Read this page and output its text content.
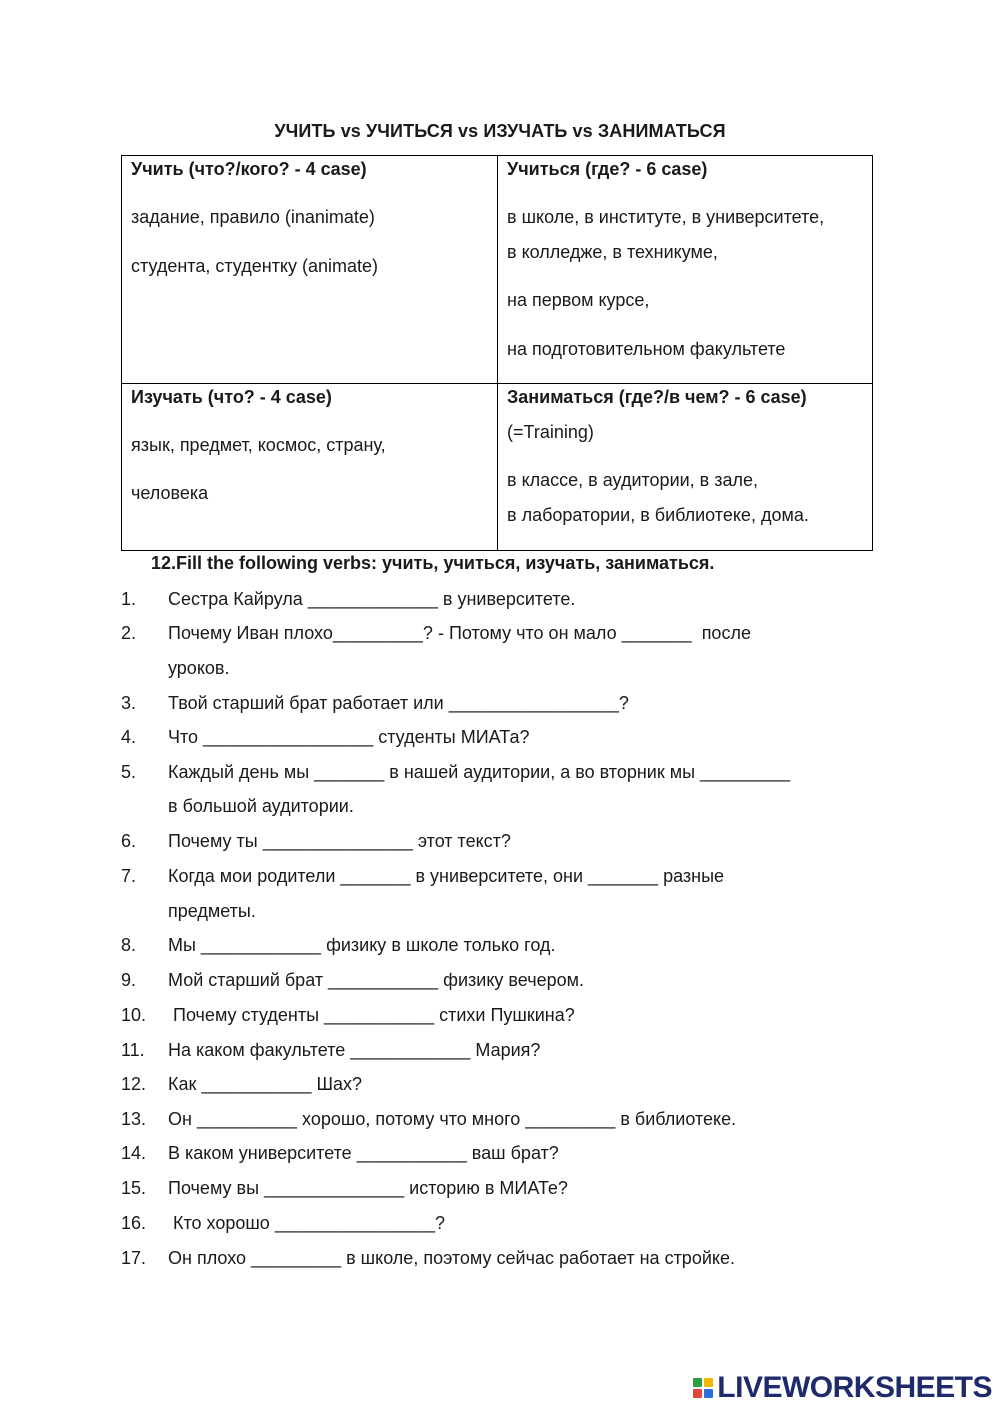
УЧИТЬ vs УЧИТЬСЯ vs ИЗУЧАТЬ vs ЗАНИМАТЬСЯ
Учить (что?/кого? - 4 case)
задание, правило (inanimate)
студента, студентку (animate)
Учиться (где? - 6 case)
в школе, в институте, в университете,
в колледже, в техникуме,
на первом курсе,
на подготовительном факультете
Изучать (что? - 4 case)
язык, предмет, космос, страну,
человека
Заниматься (где?/в чем? - 6 case)
(=Training)
в классе, в аудитории, в зале,
в лаборатории, в библиотеке, дома.
12.Fill the following verbs: учить, учиться, изучать, заниматься.
1. Сестра Кайрула _____________ в университете.
2. Почему Иван плохо_________? - Потому что он мало _______  после
уроков.
3. Твой старший брат работает или _________________?
4. Что _________________ студенты МИАТа?
5. Каждый день мы _______ в нашей аудитории, а во вторник мы _________
в большой аудитории.
6. Почему ты _______________ этот текст?
7. Когда мои родители _______ в университете, они _______ разные
предметы.
8. Мы ____________ физику в школе только год.
9. Мой старший брат ___________ физику вечером.
10. Почему студенты ___________ стихи Пушкина?
11. На каком факультете ____________ Мария?
12. Как ___________ Шах?
13. Он __________ хорошо, потому что много _________ в библиотеке.
14. В каком университете ___________ ваш брат?
15. Почему вы ______________ историю в МИАТе?
16. Кто хорошо ________________?
17. Он плохо _________ в школе, поэтому сейчас работает на стройке.
LIVEWORKSHEETS
